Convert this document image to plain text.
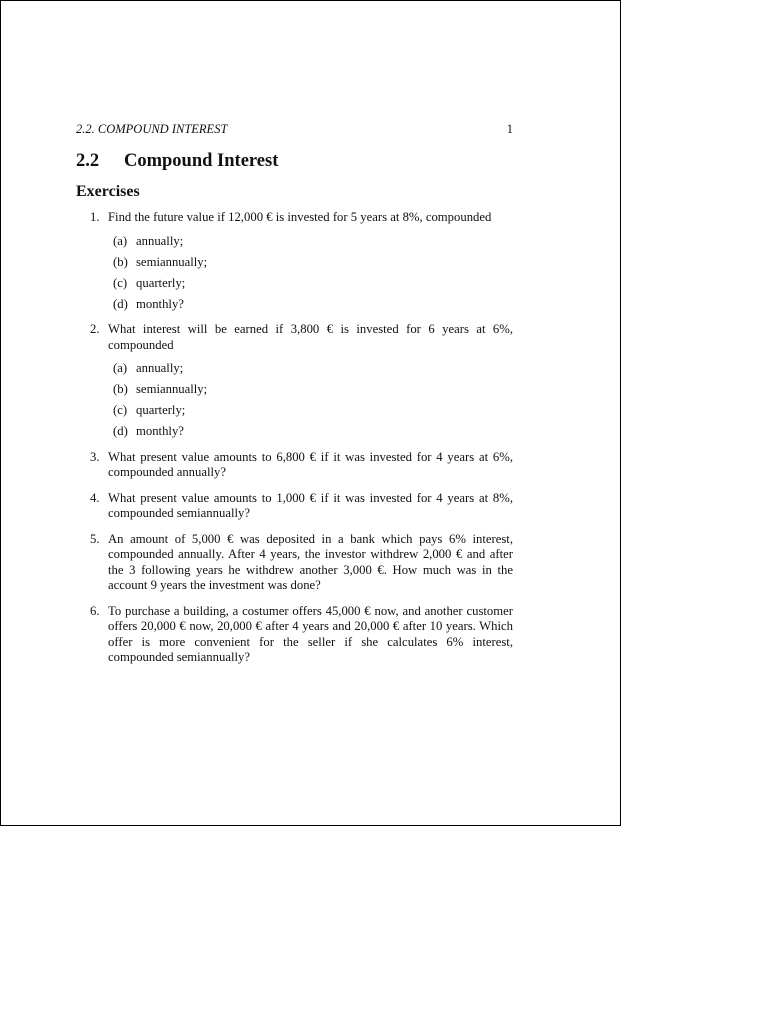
2.2. COMPOUND INTEREST	1
2.2 Compound Interest
Exercises
1. Find the future value if 12,000 € is invested for 5 years at 8%, compounded
(a) annually;
(b) semiannually;
(c) quarterly;
(d) monthly?
2. What interest will be earned if 3,800 € is invested for 6 years at 6%, compounded
(a) annually;
(b) semiannually;
(c) quarterly;
(d) monthly?
3. What present value amounts to 6,800 € if it was invested for 4 years at 6%, compounded annually?
4. What present value amounts to 1,000 € if it was invested for 4 years at 8%, compounded semiannually?
5. An amount of 5,000 € was deposited in a bank which pays 6% interest, compounded annually. After 4 years, the investor withdrew 2,000 € and after the 3 following years he withdrew another 3,000 €. How much was in the account 9 years the investment was done?
6. To purchase a building, a costumer offers 45,000 € now, and another customer offers 20,000 € now, 20,000 € after 4 years and 20,000 € after 10 years. Which offer is more convenient for the seller if she calculates 6% interest, compounded semiannually?
